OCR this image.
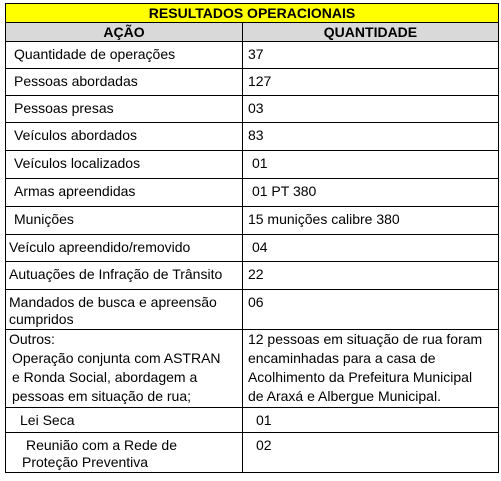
RESULTADOS OPERACIONAIS	
AÇÃO	QUANTIDADE
Quantidade de operações	37
Pessoas abordadas	127
Pessoas presas	03
Veículos abordados	83
Veículos localizados	01
Armas apreendidas	01 PT 380
Munições	15 munições calibre 380
Veículo apreendido/removido	04
Autuações de Infração de Trânsito	22

Mandados de busca e apreensão
cumpridos	06

Outros:
Operação conjunta com ASTRAN
e Ronda Social, abordagem a
pessoas em situação de rua;	12 pessoas em situação de rua foram
encaminhadas para a casa de
Acolhimento da Prefeitura Municipal
de Araxá e Albergue Municipal.

Lei Seca	01

Reunião com a Rede de
Proteção Preventiva	02
